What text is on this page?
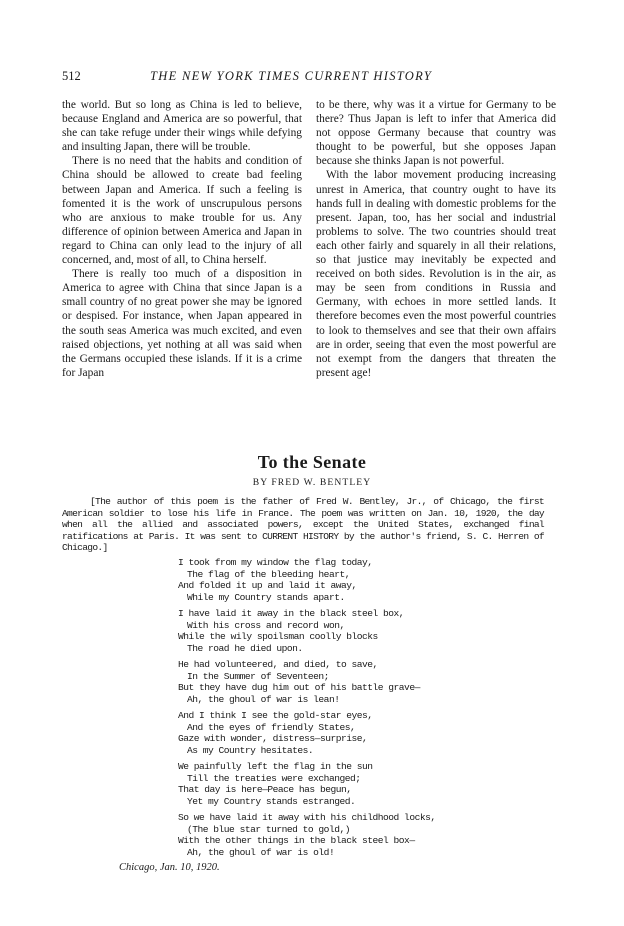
512	THE NEW YORK TIMES CURRENT HISTORY

the world. But so long as China is led to believe, because England and America are so powerful, that she can take refuge under their wings while defying and insulting Japan, there will be trouble.

There is no need that the habits and condition of China should be allowed to create bad feeling between Japan and America. If such a feeling is fomented it is the work of unscrupulous persons who are anxious to make trouble for us. Any difference of opinion between America and Japan in regard to China can only lead to the injury of all concerned, and, most of all, to China herself.

There is really too much of a disposition in America to agree with China that since Japan is a small country of no great power she may be ignored or despised. For instance, when Japan appeared in the south seas America was much excited, and even raised objections, yet nothing at all was said when the Germans occupied these islands. If it is a crime for Japan

to be there, why was it a virtue for Germany to be there? Thus Japan is left to infer that America did not oppose Germany because that country was thought to be powerful, but she opposes Japan because she thinks Japan is not powerful.

With the labor movement producing increasing unrest in America, that country ought to have its hands full in dealing with domestic problems for the present. Japan, too, has her social and industrial problems to solve. The two countries should treat each other fairly and squarely in all their relations, so that justice may inevitably be expected and received on both sides. Revolution is in the air, as may be seen from conditions in Russia and Germany, with echoes in more settled lands. It therefore becomes even the most powerful countries to look to themselves and see that their own affairs are in order, seeing that even the most powerful are not exempt from the dangers that threaten the present age!

To the Senate
BY FRED W. BENTLEY
[The author of this poem is the father of Fred W. Bentley, Jr., of Chicago, the first American soldier to lose his life in France. The poem was written on Jan. 10, 1920, the day when all the allied and associated powers, except the United States, exchanged final ratifications at Paris. It was sent to CURRENT HISTORY by the author's friend, S. C. Herren of Chicago.]
I took from my window the flag today,
The flag of the bleeding heart,
And folded it up and laid it away,
While my Country stands apart.
I have laid it away in the black steel box,
With his cross and record won,
While the wily spoilsman coolly blocks
The road he died upon.
He had volunteered, and died, to save,
In the Summer of Seventeen;
But they have dug him out of his battle grave—
Ah, the ghoul of war is lean!
And I think I see the gold-star eyes,
And the eyes of friendly States,
Gaze with wonder, distress—surprise,
As my Country hesitates.
We painfully left the flag in the sun
Till the treaties were exchanged;
That day is here—Peace has begun,
Yet my Country stands estranged.
So we have laid it away with his childhood locks,
(The blue star turned to gold,)
With the other things in the black steel box—
Ah, the ghoul of war is old!
Chicago, Jan. 10, 1920.
